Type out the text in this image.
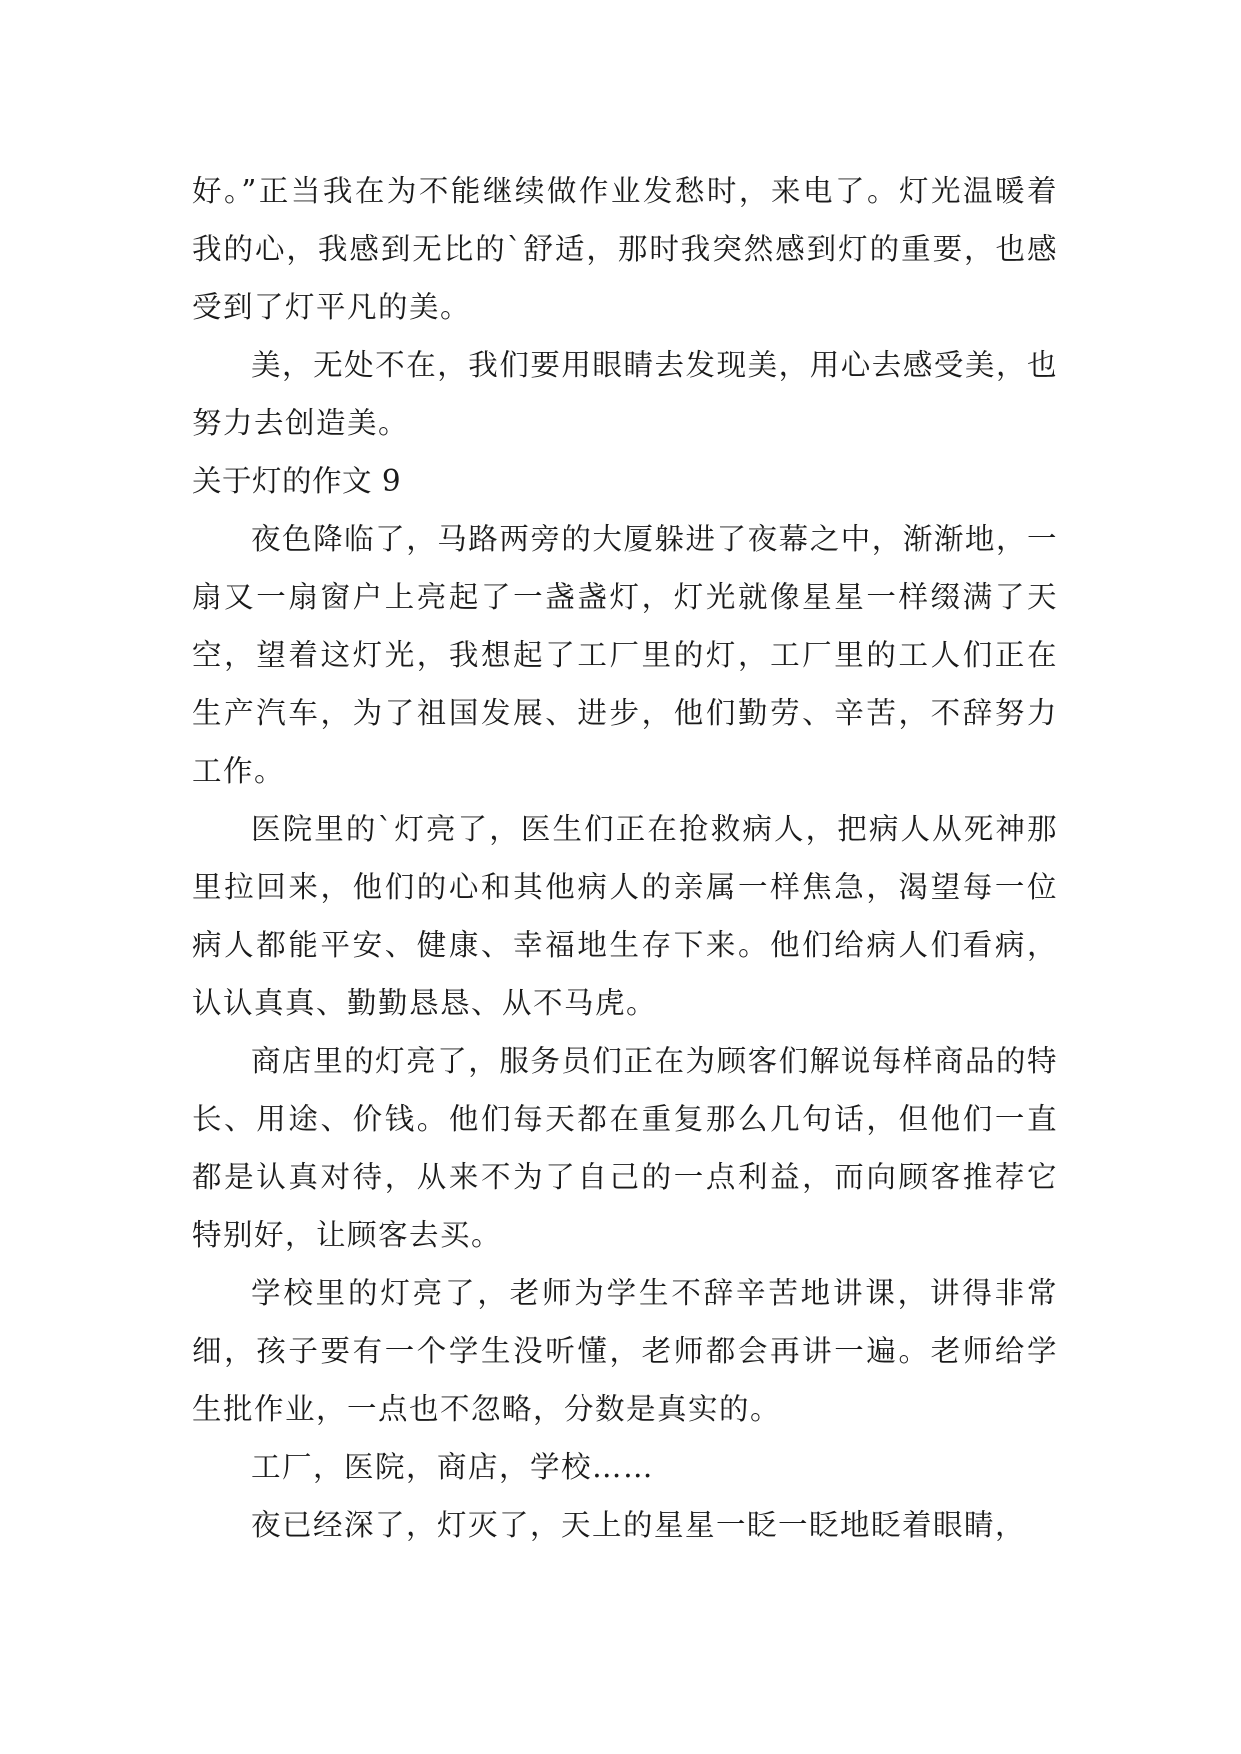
好。”正当我在为不能继续做作业发愁时，来电了。灯光温暖着我的心，我感到无比的`舒适，那时我突然感到灯的重要，也感受到了灯平凡的美。

美，无处不在，我们要用眼睛去发现美，用心去感受美，也努力去创造美。

关于灯的作文 9

夜色降临了，马路两旁的大厦躲进了夜幕之中，渐渐地，一扇又一扇窗户上亮起了一盏盏灯，灯光就像星星一样缀满了天空，望着这灯光，我想起了工厂里的灯，工厂里的工人们正在生产汽车，为了祖国发展、进步，他们勤劳、辛苦，不辞努力工作。

医院里的`灯亮了，医生们正在抢救病人，把病人从死神那里拉回来，他们的心和其他病人的亲属一样焦急，渴望每一位病人都能平安、健康、幸福地生存下来。他们给病人们看病，认认真真、勤勤恳恳、从不马虎。

商店里的灯亮了，服务员们正在为顾客们解说每样商品的特长、用途、价钱。他们每天都在重复那么几句话，但他们一直都是认真对待，从来不为了自己的一点利益，而向顾客推荐它特别好，让顾客去买。

学校里的灯亮了，老师为学生不辞辛苦地讲课，讲得非常细，孩子要有一个学生没听懂，老师都会再讲一遍。老师给学生批作业，一点也不忽略，分数是真实的。

工厂，医院，商店，学校……

夜已经深了，灯灭了，天上的星星一眨一眨地眨着眼睛，
